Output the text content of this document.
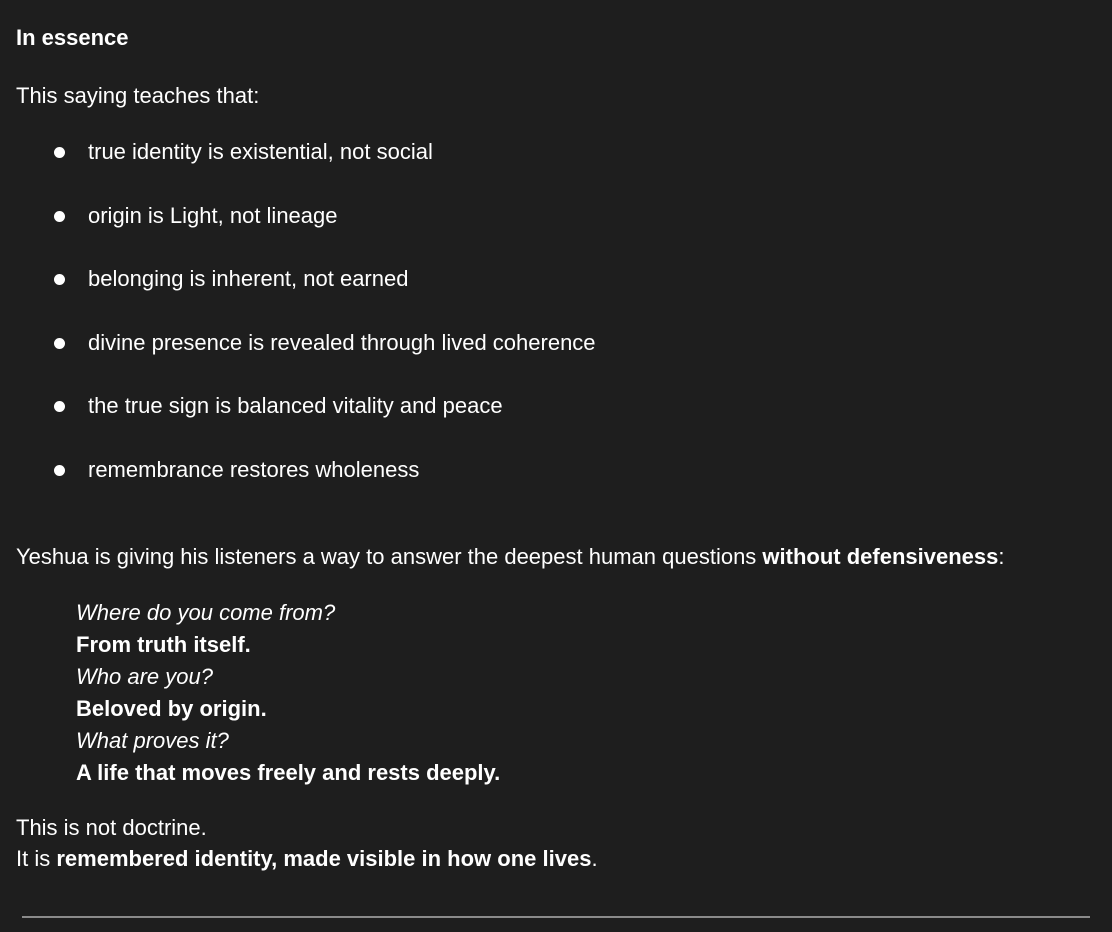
In essence
This saying teaches that:
true identity is existential, not social
origin is Light, not lineage
belonging is inherent, not earned
divine presence is revealed through lived coherence
the true sign is balanced vitality and peace
remembrance restores wholeness
Yeshua is giving his listeners a way to answer the deepest human questions without defensiveness:
Where do you come from?
From truth itself.
Who are you?
Beloved by origin.
What proves it?
A life that moves freely and rests deeply.
This is not doctrine.
It is remembered identity, made visible in how one lives.
